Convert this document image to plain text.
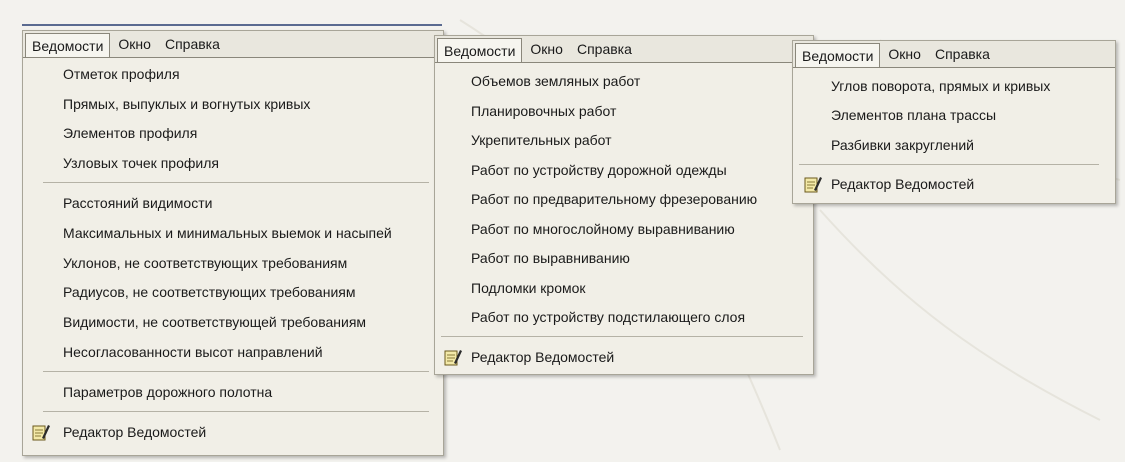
Ведомости	Окно	Справка
Отметок профиля
Прямых, выпуклых и вогнутых кривых
Элементов профиля
Узловых точек профиля
Расстояний видимости
Максимальных и минимальных выемок и насыпей
Уклонов, не соответствующих требованиям
Радиусов, не соответствующих требованиям
Видимости, не соответствующей требованиям
Несогласованности высот направлений
Параметров дорожного полотна
Редактор Ведомостей
Ведомости	Окно	Справка
Объемов земляных работ
Планировочных работ
Укрепительных работ
Работ по устройству дорожной одежды
Работ по предварительному фрезерованию
Работ по многослойному выравниванию
Работ по выравниванию
Подломки кромок
Работ по устройству подстилающего слоя
Редактор Ведомостей
Ведомости	Окно	Справка
Углов поворота, прямых и кривых
Элементов плана трассы
Разбивки закруглений
Редактор Ведомостей
